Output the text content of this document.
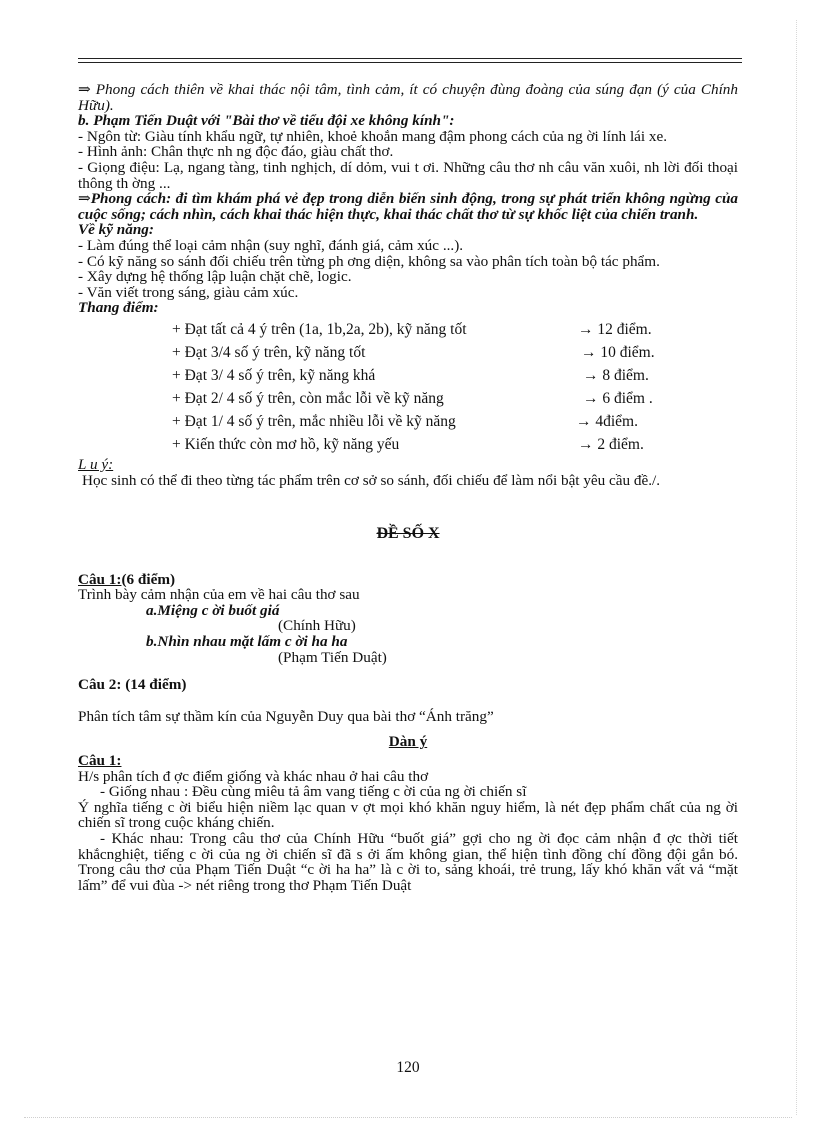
⇒ Phong cách thiên về khai thác nội tâm, tình cảm, ít có chuyện đùng đoàng của súng đạn (ý của Chính Hữu).

b. Phạm Tiến Duật với "Bài thơ về tiểu đội xe không kính":

- Ngôn từ: Giàu tính khẩu ngữ, tự nhiên, khoẻ khoắn mang đậm phong cách của ng ời lính lái xe.

- Hình ảnh: Chân thực nh ng độc đáo, giàu chất thơ.

- Giọng điệu: Lạ, ngang tàng, tinh nghịch, dí dỏm, vui t ơi. Những câu thơ nh câu văn xuôi, nh lời đối thoại thông th ờng ...

⇒Phong cách: đi tìm khám phá vẻ đẹp trong diễn biến sinh động, trong sự phát triển không ngừng của cuộc sống; cách nhìn, cách khai thác hiện thực, khai thác chất thơ từ sự khốc liệt của chiến tranh.

Về kỹ năng:

- Làm đúng thể loại cảm nhận (suy nghĩ, đánh giá, cảm xúc ...).

- Có kỹ năng so sánh đối chiếu trên từng ph ơng diện, không sa vào phân tích toàn bộ tác phẩm.

- Xây dựng hệ thống lập luận chặt chẽ, logic.

- Văn viết trong sáng, giàu cảm xúc.

Thang điểm:

+ Đạt tất cả 4 ý trên (1a, 1b,2a, 2b), kỹ năng tốt	→ 12 điểm.
+ Đạt 3/4 số ý trên, kỹ năng tốt	→ 10 điểm.
+ Đạt 3/ 4 số ý trên, kỹ năng khá	→ 8 điểm.
+ Đạt 2/ 4 số ý trên, còn mắc lỗi về kỹ năng	→ 6 điểm .
+ Đạt 1/ 4 số ý trên, mắc nhiều lỗi về kỹ năng	→ 4điểm.
+ Kiến thức còn mơ hồ, kỹ năng yếu	→ 2 điểm.

L u ý:

Học sinh có thể đi theo từng tác phẩm trên cơ sở so sánh, đối chiếu để làm nổi bật yêu cầu đề./.

ĐỀ SỐ X

Câu 1:(6 điểm)

Trình bày cảm nhận của em về hai câu thơ sau

a.Miệng c ời buốt giá

(Chính Hữu)

b.Nhìn nhau mặt lấm c ời ha ha

(Phạm Tiến Duật)

Câu 2: (14 điểm)

Phân tích tâm sự thầm kín của Nguyễn Duy qua bài thơ “Ánh trăng”

Dàn ý

Câu 1:

H/s phân tích đ ợc điểm giống và khác nhau ở hai câu thơ

- Giống nhau : Đều cùng miêu tả âm vang tiếng c ời của ng ời chiến sĩ

Ý nghĩa tiếng c ời biểu hiện niềm lạc quan v ợt mọi khó khăn nguy hiểm, là nét đẹp phẩm chất của ng ời chiến sĩ trong cuộc kháng chiến.

- Khác nhau: Trong câu thơ của Chính Hữu “buốt giá” gợi cho ng ời đọc cảm nhận đ ợc thời tiết khắcnghiệt, tiếng c ời của ng ời chiến sĩ đã s ởi ấm không gian, thể hiện tình đồng chí đồng đội gắn bó. Trong câu thơ của Phạm Tiến Duật “c ời ha ha” là c ời to, sảng khoái, trẻ trung, lấy khó khăn vất vả “mặt lấm” để vui đùa -> nét riêng trong thơ Phạm Tiến Duật

120
